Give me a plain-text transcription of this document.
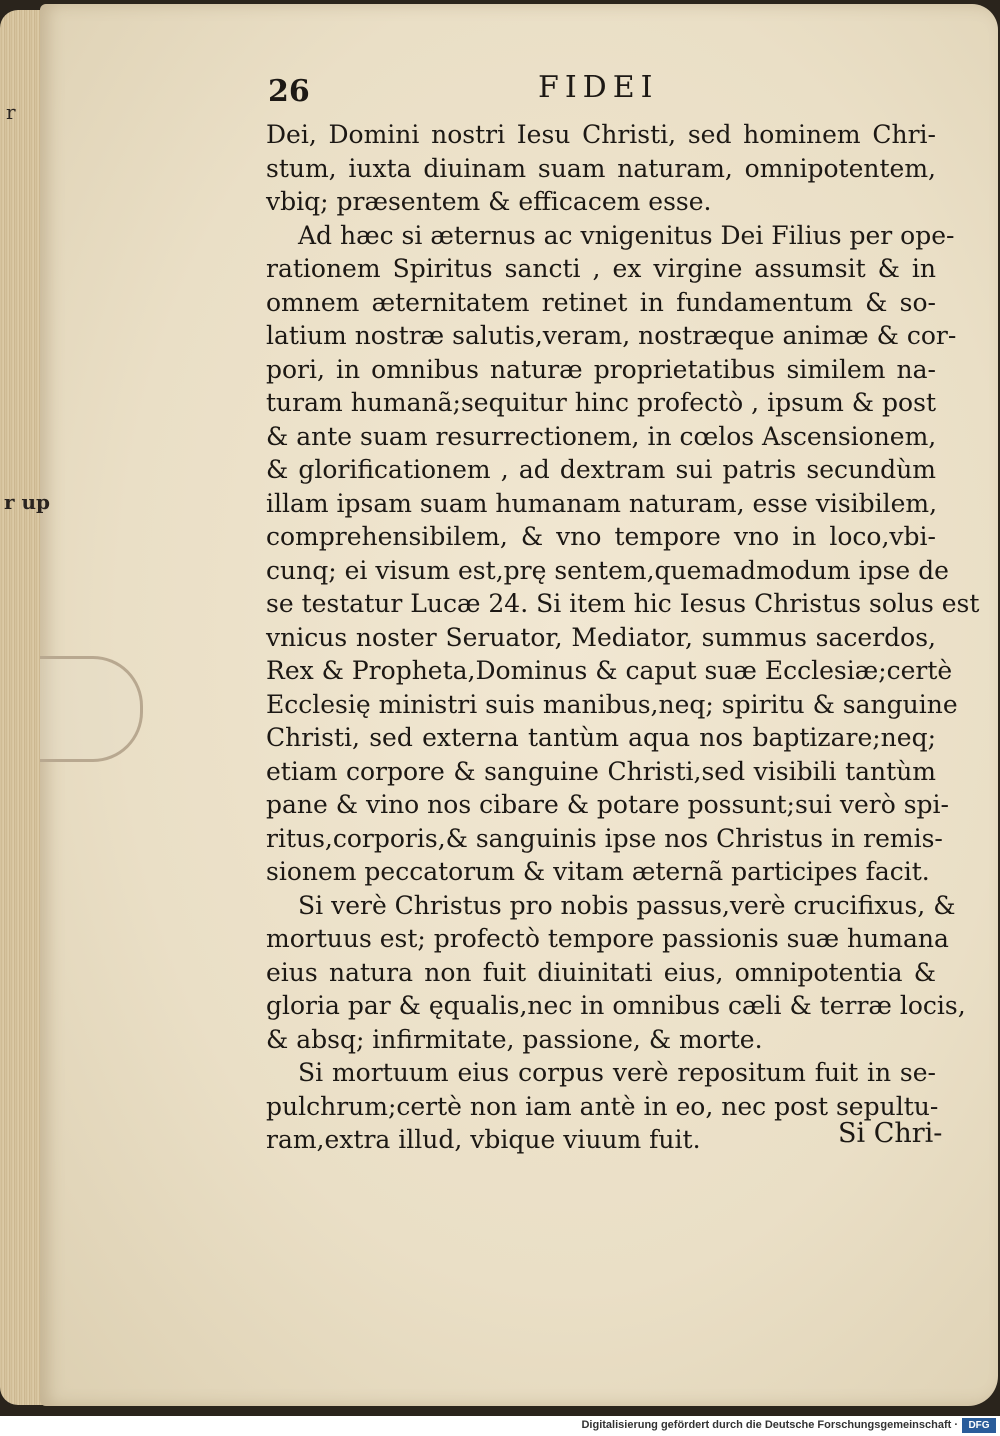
r
r up
26	FIDEI
Dei, Domini nostri Iesu Christi, sed hominem Chri-
stum, iuxta diuinam suam naturam, omnipotentem,
vbiq; præsentem & efficacem esse.
Ad hæc si æternus ac vnigenitus Dei Filius per ope-
rationem Spiritus sancti , ex virgine assumsit & in
omnem æternitatem retinet in fundamentum & so-
latium nostræ salutis,veram, nostræque animæ & cor-
pori, in omnibus naturæ proprietatibus similem na-
turam humanã;sequitur hinc profectò , ipsum & post
& ante suam resurrectionem, in cœlos Ascensionem,
& glorificationem , ad dextram sui patris secundùm
illam ipsam suam humanam naturam, esse visibilem,
comprehensibilem, & vno tempore vno in loco,vbi-
cunq; ei visum est,prę sentem,quemadmodum ipse de
se testatur Lucæ 24. Si item hic Iesus Christus solus est
vnicus noster Seruator, Mediator, summus sacerdos,
Rex & Propheta,Dominus & caput suæ Ecclesiæ;certè
Ecclesię ministri suis manibus,neq; spiritu & sanguine
Christi, sed externa tantùm aqua nos baptizare;neq;
etiam corpore & sanguine Christi,sed visibili tantùm
pane & vino nos cibare & potare possunt;sui verò spi-
ritus,corporis,& sanguinis ipse nos Christus in remis-
sionem peccatorum & vitam æternã participes facit.
Si verè Christus pro nobis passus,verè crucifixus, &
mortuus est; profectò tempore passionis suæ humana
eius natura non fuit diuinitati eius, omnipotentia &
gloria par & ęqualis,nec in omnibus cæli & terræ locis,
& absq; infirmitate, passione, & morte.
Si mortuum eius corpus verè repositum fuit in se-
pulchrum;certè non iam antè in eo, nec post sepultu-
ram,extra illud, vbique viuum fuit.	Si Chri-
Digitalisierung gefördert durch die Deutsche Forschungsgemeinschaft ·	DFG
